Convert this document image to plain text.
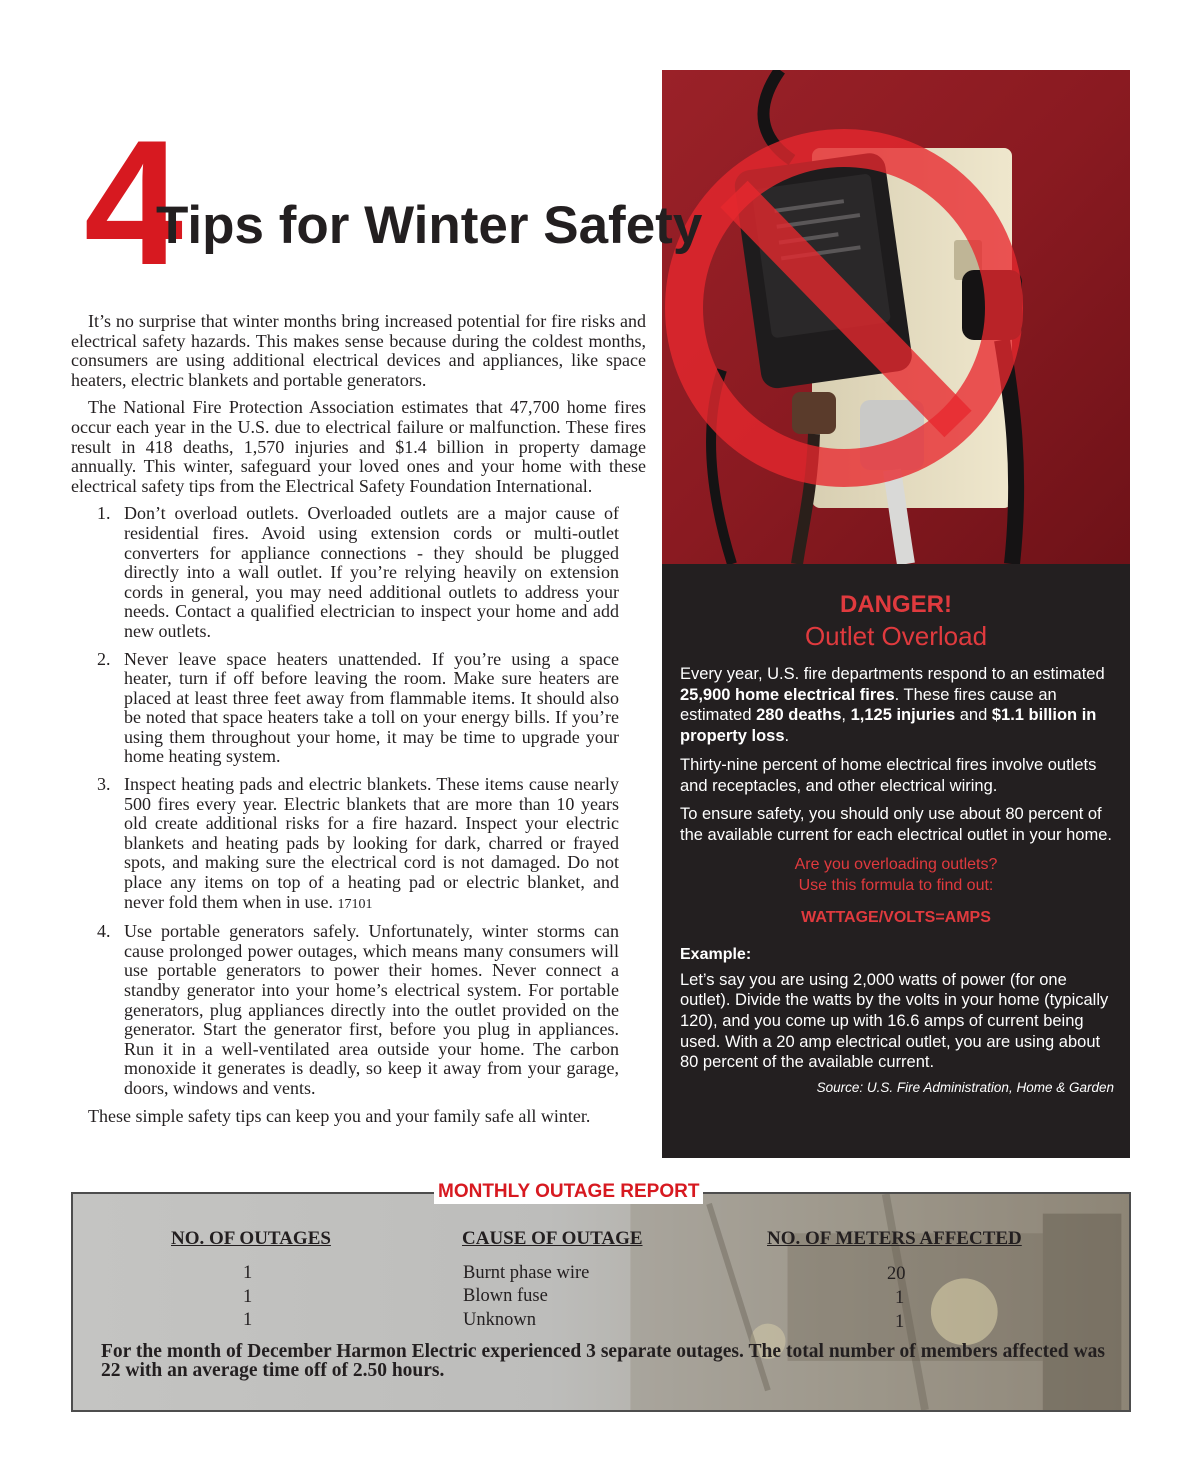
4
Tips for Winter Safety
DANGER!
Outlet Overload

Every year, U.S. fire departments respond to an estimated 25,900 home electrical fires. These fires cause an estimated 280 deaths, 1,125 injuries and $1.1 billion in property loss.

Thirty-nine percent of home electrical fires involve outlets and receptacles, and other electrical wiring.

To ensure safety, you should only use about 80 percent of the available current for each electrical outlet in your home.

Are you overloading outlets?
Use this formula to find out:
WATTAGE/VOLTS=AMPS
Example:
Let’s say you are using 2,000 watts of power (for one outlet). Divide the watts by the volts in your home (typically 120), and you come up with 16.6 amps of current being used. With a 20 amp electrical outlet, you are using about 80 percent of the available current.
Source: U.S. Fire Administration, Home & Garden

It’s no surprise that winter months bring increased potential for fire risks and electrical safety hazards. This makes sense because during the coldest months, consumers are using additional electrical devices and appliances, like space heaters, electric blankets and portable generators.

The National Fire Protection Association estimates that 47,700 home fires occur each year in the U.S. due to electrical failure or malfunction. These fires result in 418 deaths, 1,570 injuries and $1.4 billion in property damage annually. This winter, safeguard your loved ones and your home with these electrical safety tips from the Electrical Safety Foundation International.

1. Don’t overload outlets. Overloaded outlets are a major cause of residential fires. Avoid using extension cords or multi-outlet converters for appliance connections - they should be plugged directly into a wall outlet. If you’re relying heavily on extension cords in general, you may need additional outlets to address your needs. Contact a qualified electrician to inspect your home and add new outlets.
2. Never leave space heaters unattended. If you’re using a space heater, turn if off before leaving the room. Make sure heaters are placed at least three feet away from flammable items. It should also be noted that space heaters take a toll on your energy bills. If you’re using them throughout your home, it may be time to upgrade your home heating system.
3. Inspect heating pads and electric blankets. These items cause nearly 500 fires every year. Electric blankets that are more than 10 years old create additional risks for a fire hazard. Inspect your electric blankets and heating pads by looking for dark, charred or frayed spots, and making sure the electrical cord is not damaged. Do not place any items on top of a heating pad or electric blanket, and never fold them when in use. 17101
4. Use portable generators safely. Unfortunately, winter storms can cause prolonged power outages, which means many consumers will use portable generators to power their homes. Never connect a standby generator into your home’s electrical system. For portable generators, plug appliances directly into the outlet provided on the generator. Start the generator first, before you plug in appliances. Run it in a well-ventilated area outside your home. The carbon monoxide it generates is deadly, so keep it away from your garage, doors, windows and vents.

These simple safety tips can keep you and your family safe all winter.

MONTHLY OUTAGE REPORT
NO. OF OUTAGES	CAUSE OF OUTAGE	NO. OF METERS AFFECTED
1	Burnt phase wire	20
1	Blown fuse	1
1	Unknown	1
For the month of December Harmon Electric experienced 3 separate outages. The total number of members affected was 22 with an average time off of 2.50 hours.
